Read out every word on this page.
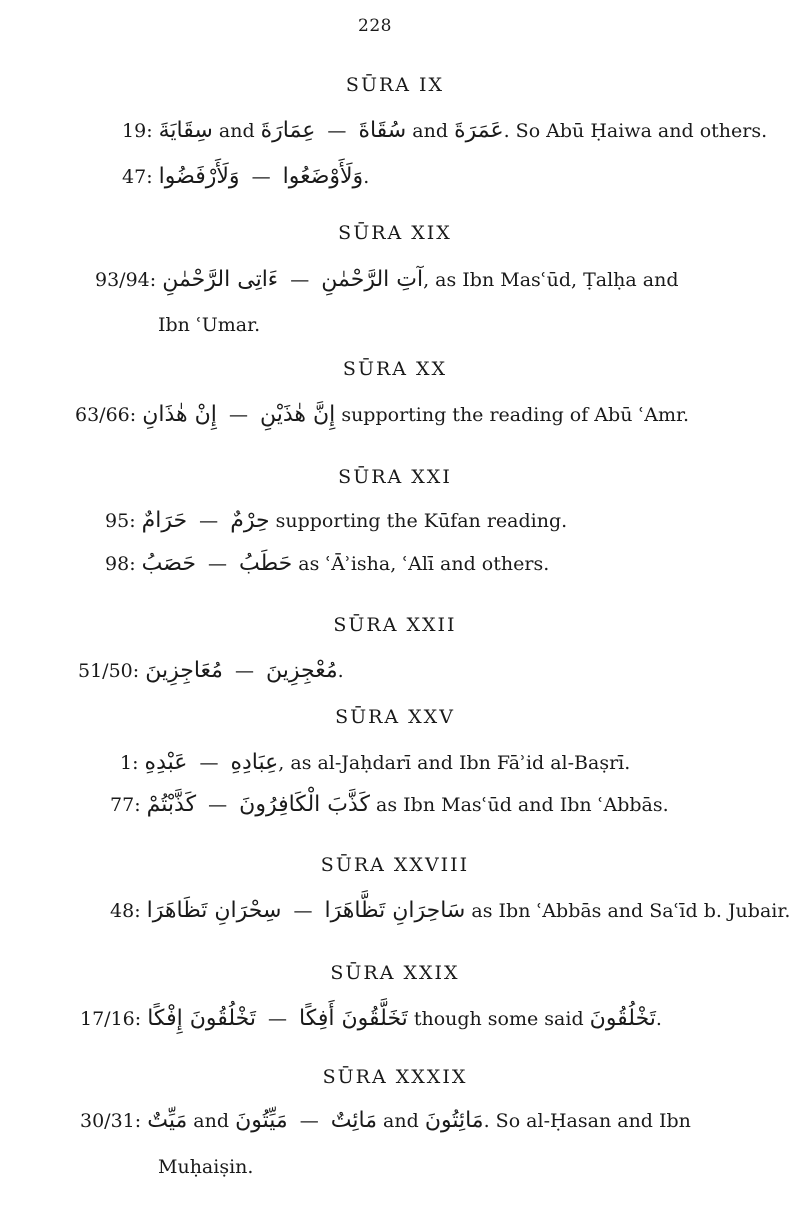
228
SŪRA IX
19: سِقَايَةَ and عِمَارَةَ — سُقَاةَ and عَمَرَةَ. So Abū Ḥaiwa and others.
47: وَلَأَرْفَضُوا — وَلَأَوْضَعُوا.
SŪRA XIX
93/94: ءَاتِى الرَّحْمٰنِ — آتِ الرَّحْمٰنِ, as Ibn Masʿūd, Ṭalḥa and
Ibn ʿUmar.
SŪRA XX
63/66: إِنْ هٰذَانِ — إِنَّ هٰذَيْنِ supporting the reading of Abū ʿAmr.
SŪRA XXI
95: حَرَامٌ — حِرْمٌ supporting the Kūfan reading.
98: حَصَبُ — حَطَبُ as ʿĀʾisha, ʿAlī and others.
SŪRA XXII
51/50: مُعَاجِزِينَ — مُعْجِزِينَ.
SŪRA XXV
1: عَبْدِهِ — عِبَادِهِ, as al-Jaḥdarī and Ibn Fāʾid al-Baṣrī.
77: كَذَّبْتُمْ — كَذَّبَ الْكَافِرُونَ as Ibn Masʿūd and Ibn ʿAbbās.
SŪRA XXVIII
48: سِحْرَانِ تَظَاهَرَا — سَاحِرَانِ تَظَّاهَرَا as Ibn ʿAbbās and Saʿīd b. Jubair.
SŪRA XXIX
17/16: تَخْلُقُونَ إِفْكًا — تَخَلَّقُونَ أَفِكًا though some said تَخْلُقُونَ.
SŪRA XXXIX
30/31: مَيِّتٌ and مَيِّتُونَ — مَائِتٌ and مَائِتُونَ. So al-Ḥasan and Ibn
Muḥaiṣin.
